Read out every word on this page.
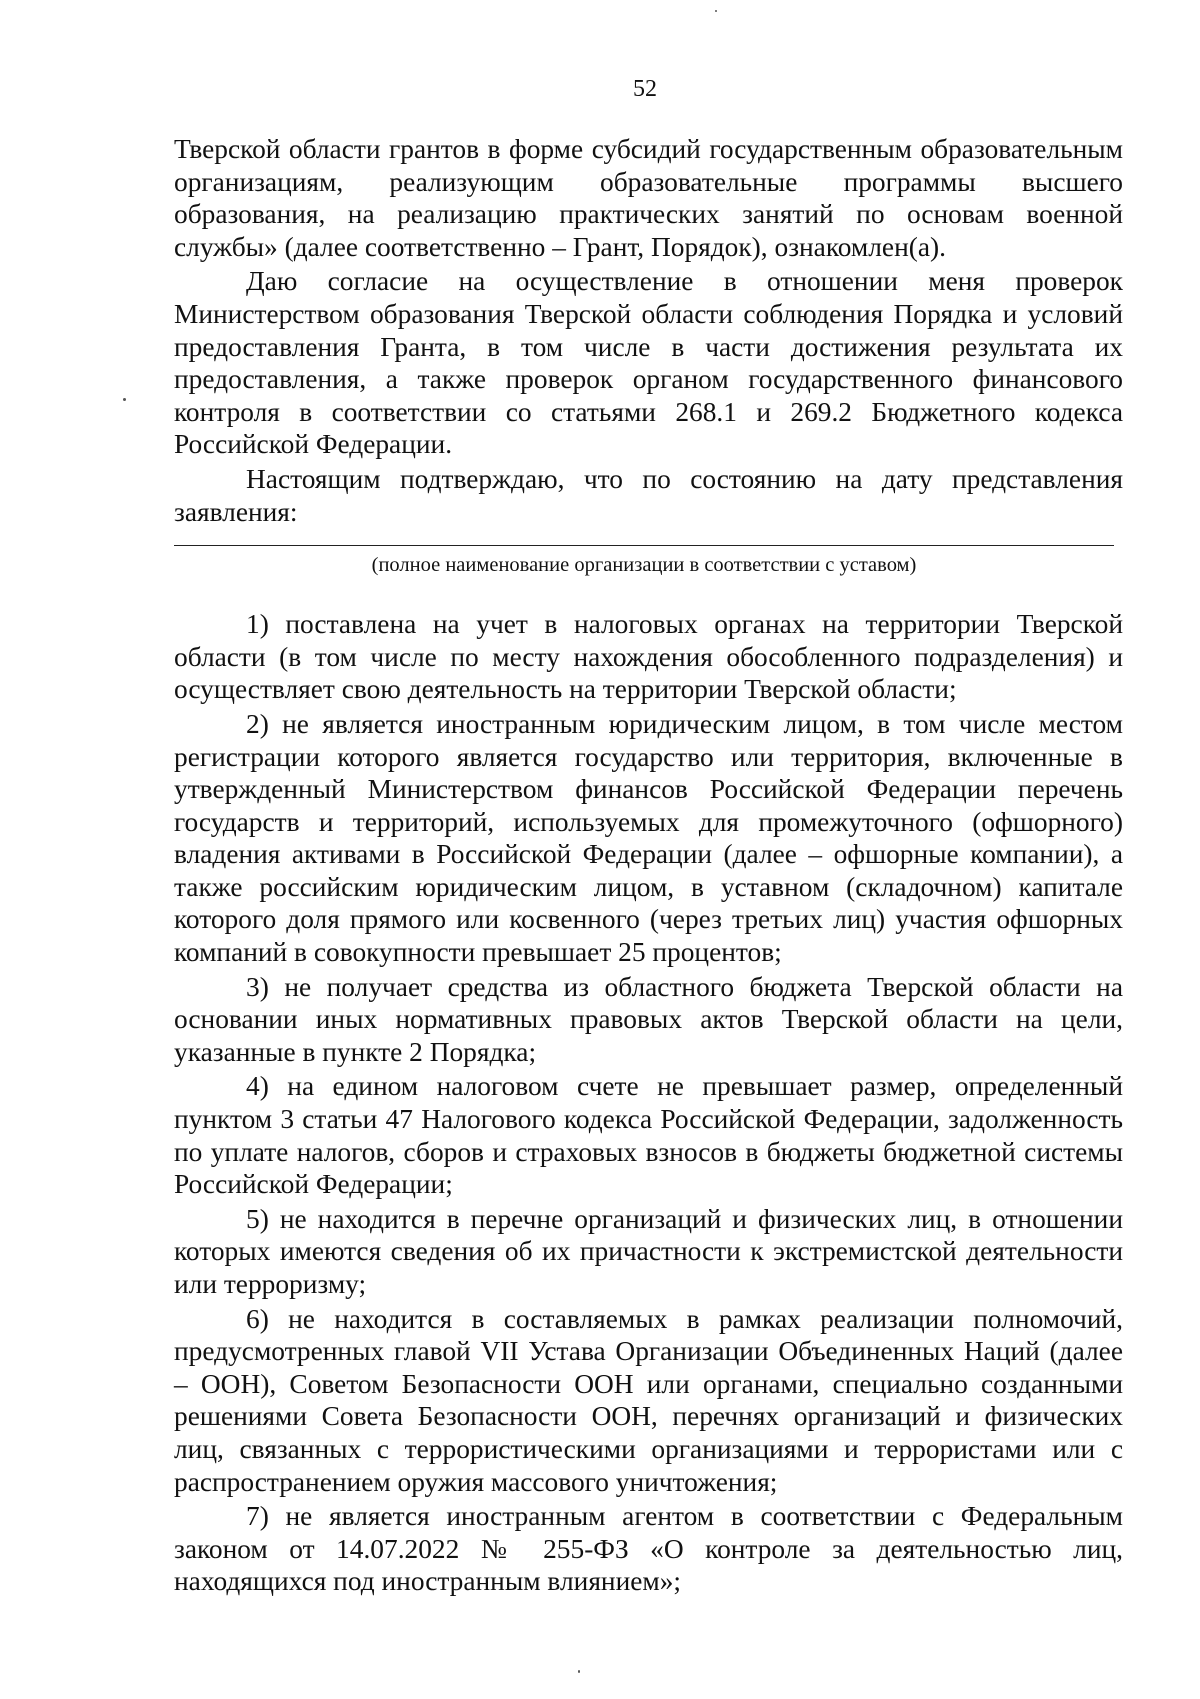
52

Тверской области грантов в форме субсидий государственным образовательным организациям, реализующим образовательные программы высшего образования, на реализацию практических занятий по основам военной службы» (далее соответственно – Грант, Порядок), ознакомлен(а).

Даю согласие на осуществление в отношении меня проверок Министерством образования Тверской области соблюдения Порядка и условий предоставления Гранта, в том числе в части достижения результата их предоставления, а также проверок органом государственного финансового контроля в соответствии со статьями 268.1 и 269.2 Бюджетного кодекса Российской Федерации.

Настоящим подтверждаю, что по состоянию на дату представления заявления:

(полное наименование организации в соответствии с уставом)

1) поставлена на учет в налоговых органах на территории Тверской области (в том числе по месту нахождения обособленного подразделения) и осуществляет свою деятельность на территории Тверской области;

2) не является иностранным юридическим лицом, в том числе местом регистрации которого является государство или территория, включенные в утвержденный Министерством финансов Российской Федерации перечень государств и территорий, используемых для промежуточного (офшорного) владения активами в Российской Федерации (далее – офшорные компании), а также российским юридическим лицом, в уставном (складочном) капитале которого доля прямого или косвенного (через третьих лиц) участия офшорных компаний в совокупности превышает 25 процентов;

3) не получает средства из областного бюджета Тверской области на основании иных нормативных правовых актов Тверской области на цели, указанные в пункте 2 Порядка;

4) на едином налоговом счете не превышает размер, определенный пунктом 3 статьи 47 Налогового кодекса Российской Федерации, задолженность по уплате налогов, сборов и страховых взносов в бюджеты бюджетной системы Российской Федерации;

5) не находится в перечне организаций и физических лиц, в отношении которых имеются сведения об их причастности к экстремистской деятельности или терроризму;

6) не находится в составляемых в рамках реализации полномочий, предусмотренных главой VII Устава Организации Объединенных Наций (далее – ООН), Советом Безопасности ООН или органами, специально созданными решениями Совета Безопасности ООН, перечнях организаций и физических лиц, связанных с террористическими организациями и террористами или с распространением оружия массового уничтожения;

7) не является иностранным агентом в соответствии с Федеральным законом от 14.07.2022 № 255-ФЗ «О контроле за деятельностью лиц, находящихся под иностранным влиянием»;
